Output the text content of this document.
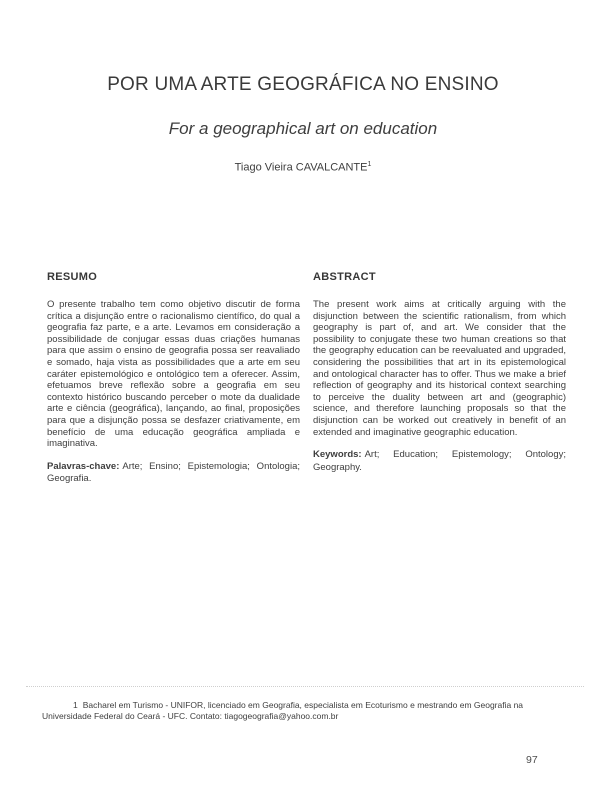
POR UMA ARTE GEOGRÁFICA NO ENSINO
For a geographical art on education
Tiago Vieira CAVALCANTE$^1$

RESUMO

O presente trabalho tem como objetivo discutir de forma crítica a disjunção entre o racionalismo científico, do qual a geografia faz parte, e a arte. Levamos em consideração a possibilidade de conjugar essas duas criações humanas para que assim o ensino de geografia possa ser reavaliado e somado, haja vista as possibilidades que a arte em seu caráter epistemológico e ontológico tem a oferecer. Assim, efetuamos breve reflexão sobre a geografia em seu contexto histórico buscando perceber o mote da dualidade arte e ciência (geográfica), lançando, ao final, proposições para que a disjunção possa se desfazer criativamente, em benefício de uma educação geográfica ampliada e imaginativa.

Palavras-chave: Arte; Ensino; Epistemologia; Ontologia; Geografia.

ABSTRACT

The present work aims at critically arguing with the disjunction between the scientific rationalism, from which geography is part of, and art. We consider that the possibility to conjugate these two human creations so that the geography education can be reevaluated and upgraded, considering the possibilities that art in its epistemological and ontological character has to offer. Thus we make a brief reflection of geography and its historical context searching to perceive the duality between art and (geographic) science, and therefore launching proposals so that the disjunction can be worked out creatively in benefit of an extended and imaginative geographic education.

Keywords: Art; Education; Epistemology; Ontology; Geography.

1 Bacharel em Turismo - UNIFOR, licenciado em Geografia, especialista em Ecoturismo e mestrando em Geografia na Universidade Federal do Ceará - UFC. Contato: tiagogeografia@yahoo.com.br

97
